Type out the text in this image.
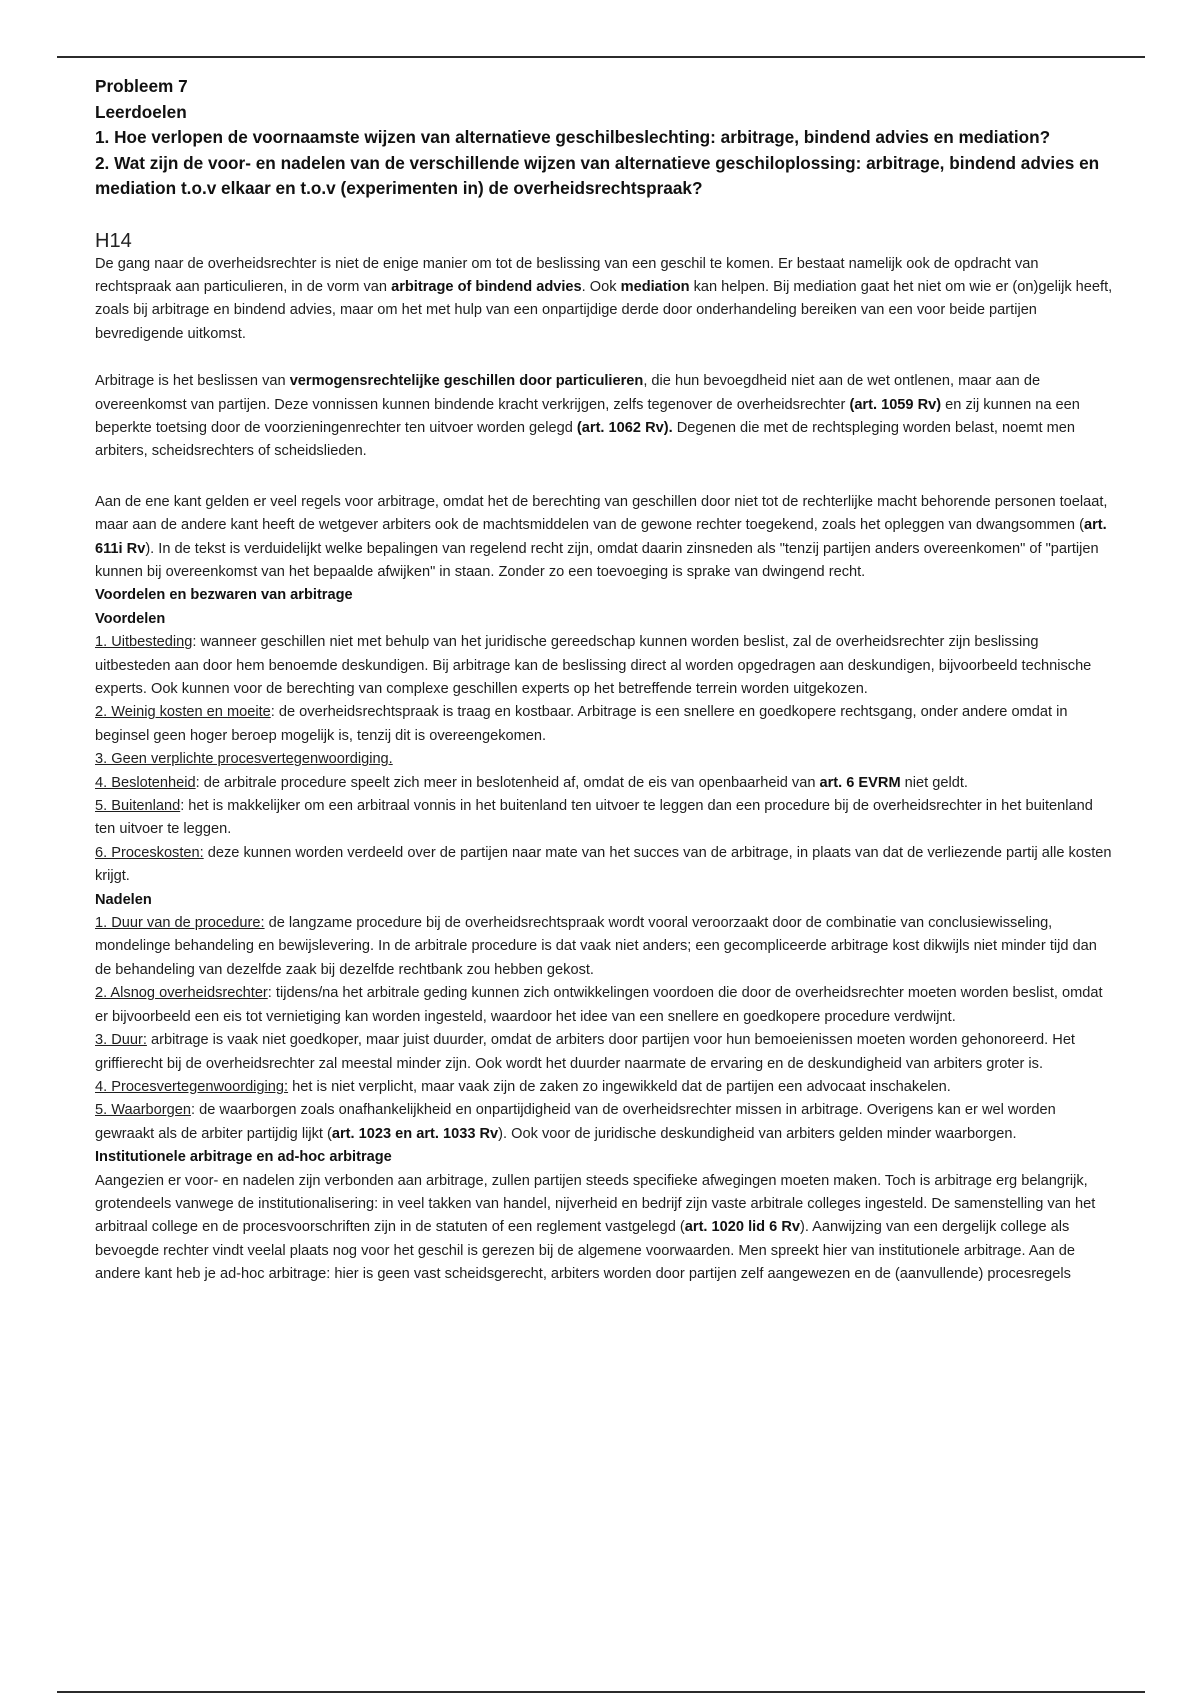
Probleem 7

Leerdoelen

1. Hoe verlopen de voornaamste wijzen van alternatieve geschilbeslechting: arbitrage, bindend advies en mediation?

2. Wat zijn de voor- en nadelen van de verschillende wijzen van alternatieve geschiloplossing: arbitrage, bindend advies en mediation t.o.v elkaar en t.o.v (experimenten in) de overheidsrechtspraak?

H14

De gang naar de overheidsrechter is niet de enige manier om tot de beslissing van een geschil te komen. Er bestaat namelijk ook de opdracht van rechtspraak aan particulieren, in de vorm van arbitrage of bindend advies. Ook mediation kan helpen. Bij mediation gaat het niet om wie er (on)gelijk heeft, zoals bij arbitrage en bindend advies, maar om het met hulp van een onpartijdige derde door onderhandeling bereiken van een voor beide partijen bevredigende uitkomst.

Arbitrage is het beslissen van vermogensrechtelijke geschillen door particulieren, die hun bevoegdheid niet aan de wet ontlenen, maar aan de overeenkomst van partijen. Deze vonnissen kunnen bindende kracht verkrijgen, zelfs tegenover de overheidsrechter (art. 1059 Rv) en zij kunnen na een beperkte toetsing door de voorzieningenrechter ten uitvoer worden gelegd (art. 1062 Rv). Degenen die met de rechtspleging worden belast, noemt men arbiters, scheidsrechters of scheidslieden.

Aan de ene kant gelden er veel regels voor arbitrage, omdat het de berechting van geschillen door niet tot de rechterlijke macht behorende personen toelaat, maar aan de andere kant heeft de wetgever arbiters ook de machtsmiddelen van de gewone rechter toegekend, zoals het opleggen van dwangsommen (art. 611i Rv). In de tekst is verduidelijkt welke bepalingen van regelend recht zijn, omdat daarin zinsneden als "tenzij partijen anders overeenkomen" of "partijen kunnen bij overeenkomst van het bepaalde afwijken" in staan. Zonder zo een toevoeging is sprake van dwingend recht.

Voordelen en bezwaren van arbitrage

Voordelen

1. Uitbesteding: wanneer geschillen niet met behulp van het juridische gereedschap kunnen worden beslist, zal de overheidsrechter zijn beslissing uitbesteden aan door hem benoemde deskundigen. Bij arbitrage kan de beslissing direct al worden opgedragen aan deskundigen, bijvoorbeeld technische experts. Ook kunnen voor de berechting van complexe geschillen experts op het betreffende terrein worden uitgekozen.

2. Weinig kosten en moeite: de overheidsrechtspraak is traag en kostbaar. Arbitrage is een snellere en goedkopere rechtsgang, onder andere omdat in beginsel geen hoger beroep mogelijk is, tenzij dit is overeengekomen.

3. Geen verplichte procesvertegenwoordiging.

4. Beslotenheid: de arbitrale procedure speelt zich meer in beslotenheid af, omdat de eis van openbaarheid van art. 6 EVRM niet geldt.

5. Buitenland: het is makkelijker om een arbitraal vonnis in het buitenland ten uitvoer te leggen dan een procedure bij de overheidsrechter in het buitenland ten uitvoer te leggen.

6. Proceskosten: deze kunnen worden verdeeld over de partijen naar mate van het succes van de arbitrage, in plaats van dat de verliezende partij alle kosten krijgt.

Nadelen

1. Duur van de procedure: de langzame procedure bij de overheidsrechtspraak wordt vooral veroorzaakt door de combinatie van conclusiewisseling, mondelinge behandeling en bewijslevering. In de arbitrale procedure is dat vaak niet anders; een gecompliceerde arbitrage kost dikwijls niet minder tijd dan de behandeling van dezelfde zaak bij dezelfde rechtbank zou hebben gekost.

2. Alsnog overheidsrechter: tijdens/na het arbitrale geding kunnen zich ontwikkelingen voordoen die door de overheidsrechter moeten worden beslist, omdat er bijvoorbeeld een eis tot vernietiging kan worden ingesteld, waardoor het idee van een snellere en goedkopere procedure verdwijnt.

3. Duur: arbitrage is vaak niet goedkoper, maar juist duurder, omdat de arbiters door partijen voor hun bemoeienissen moeten worden gehonoreerd. Het griffierecht bij de overheidsrechter zal meestal minder zijn. Ook wordt het duurder naarmate de ervaring en de deskundigheid van arbiters groter is.

4. Procesvertegenwoordiging: het is niet verplicht, maar vaak zijn de zaken zo ingewikkeld dat de partijen een advocaat inschakelen.

5. Waarborgen: de waarborgen zoals onafhankelijkheid en onpartijdigheid van de overheidsrechter missen in arbitrage. Overigens kan er wel worden gewraakt als de arbiter partijdig lijkt (art. 1023 en art. 1033 Rv). Ook voor de juridische deskundigheid van arbiters gelden minder waarborgen.

Institutionele arbitrage en ad-hoc arbitrage

Aangezien er voor- en nadelen zijn verbonden aan arbitrage, zullen partijen steeds specifieke afwegingen moeten maken. Toch is arbitrage erg belangrijk, grotendeels vanwege de institutionalisering: in veel takken van handel, nijverheid en bedrijf zijn vaste arbitrale colleges ingesteld. De samenstelling van het arbitraal college en de procesvoorschriften zijn in de statuten of een reglement vastgelegd (art. 1020 lid 6 Rv). Aanwijzing van een dergelijk college als bevoegde rechter vindt veelal plaats nog voor het geschil is gerezen bij de algemene voorwaarden. Men spreekt hier van institutionele arbitrage. Aan de andere kant heb je ad-hoc arbitrage: hier is geen vast scheidsgerecht, arbiters worden door partijen zelf aangewezen en de (aanvullende) procesregels
